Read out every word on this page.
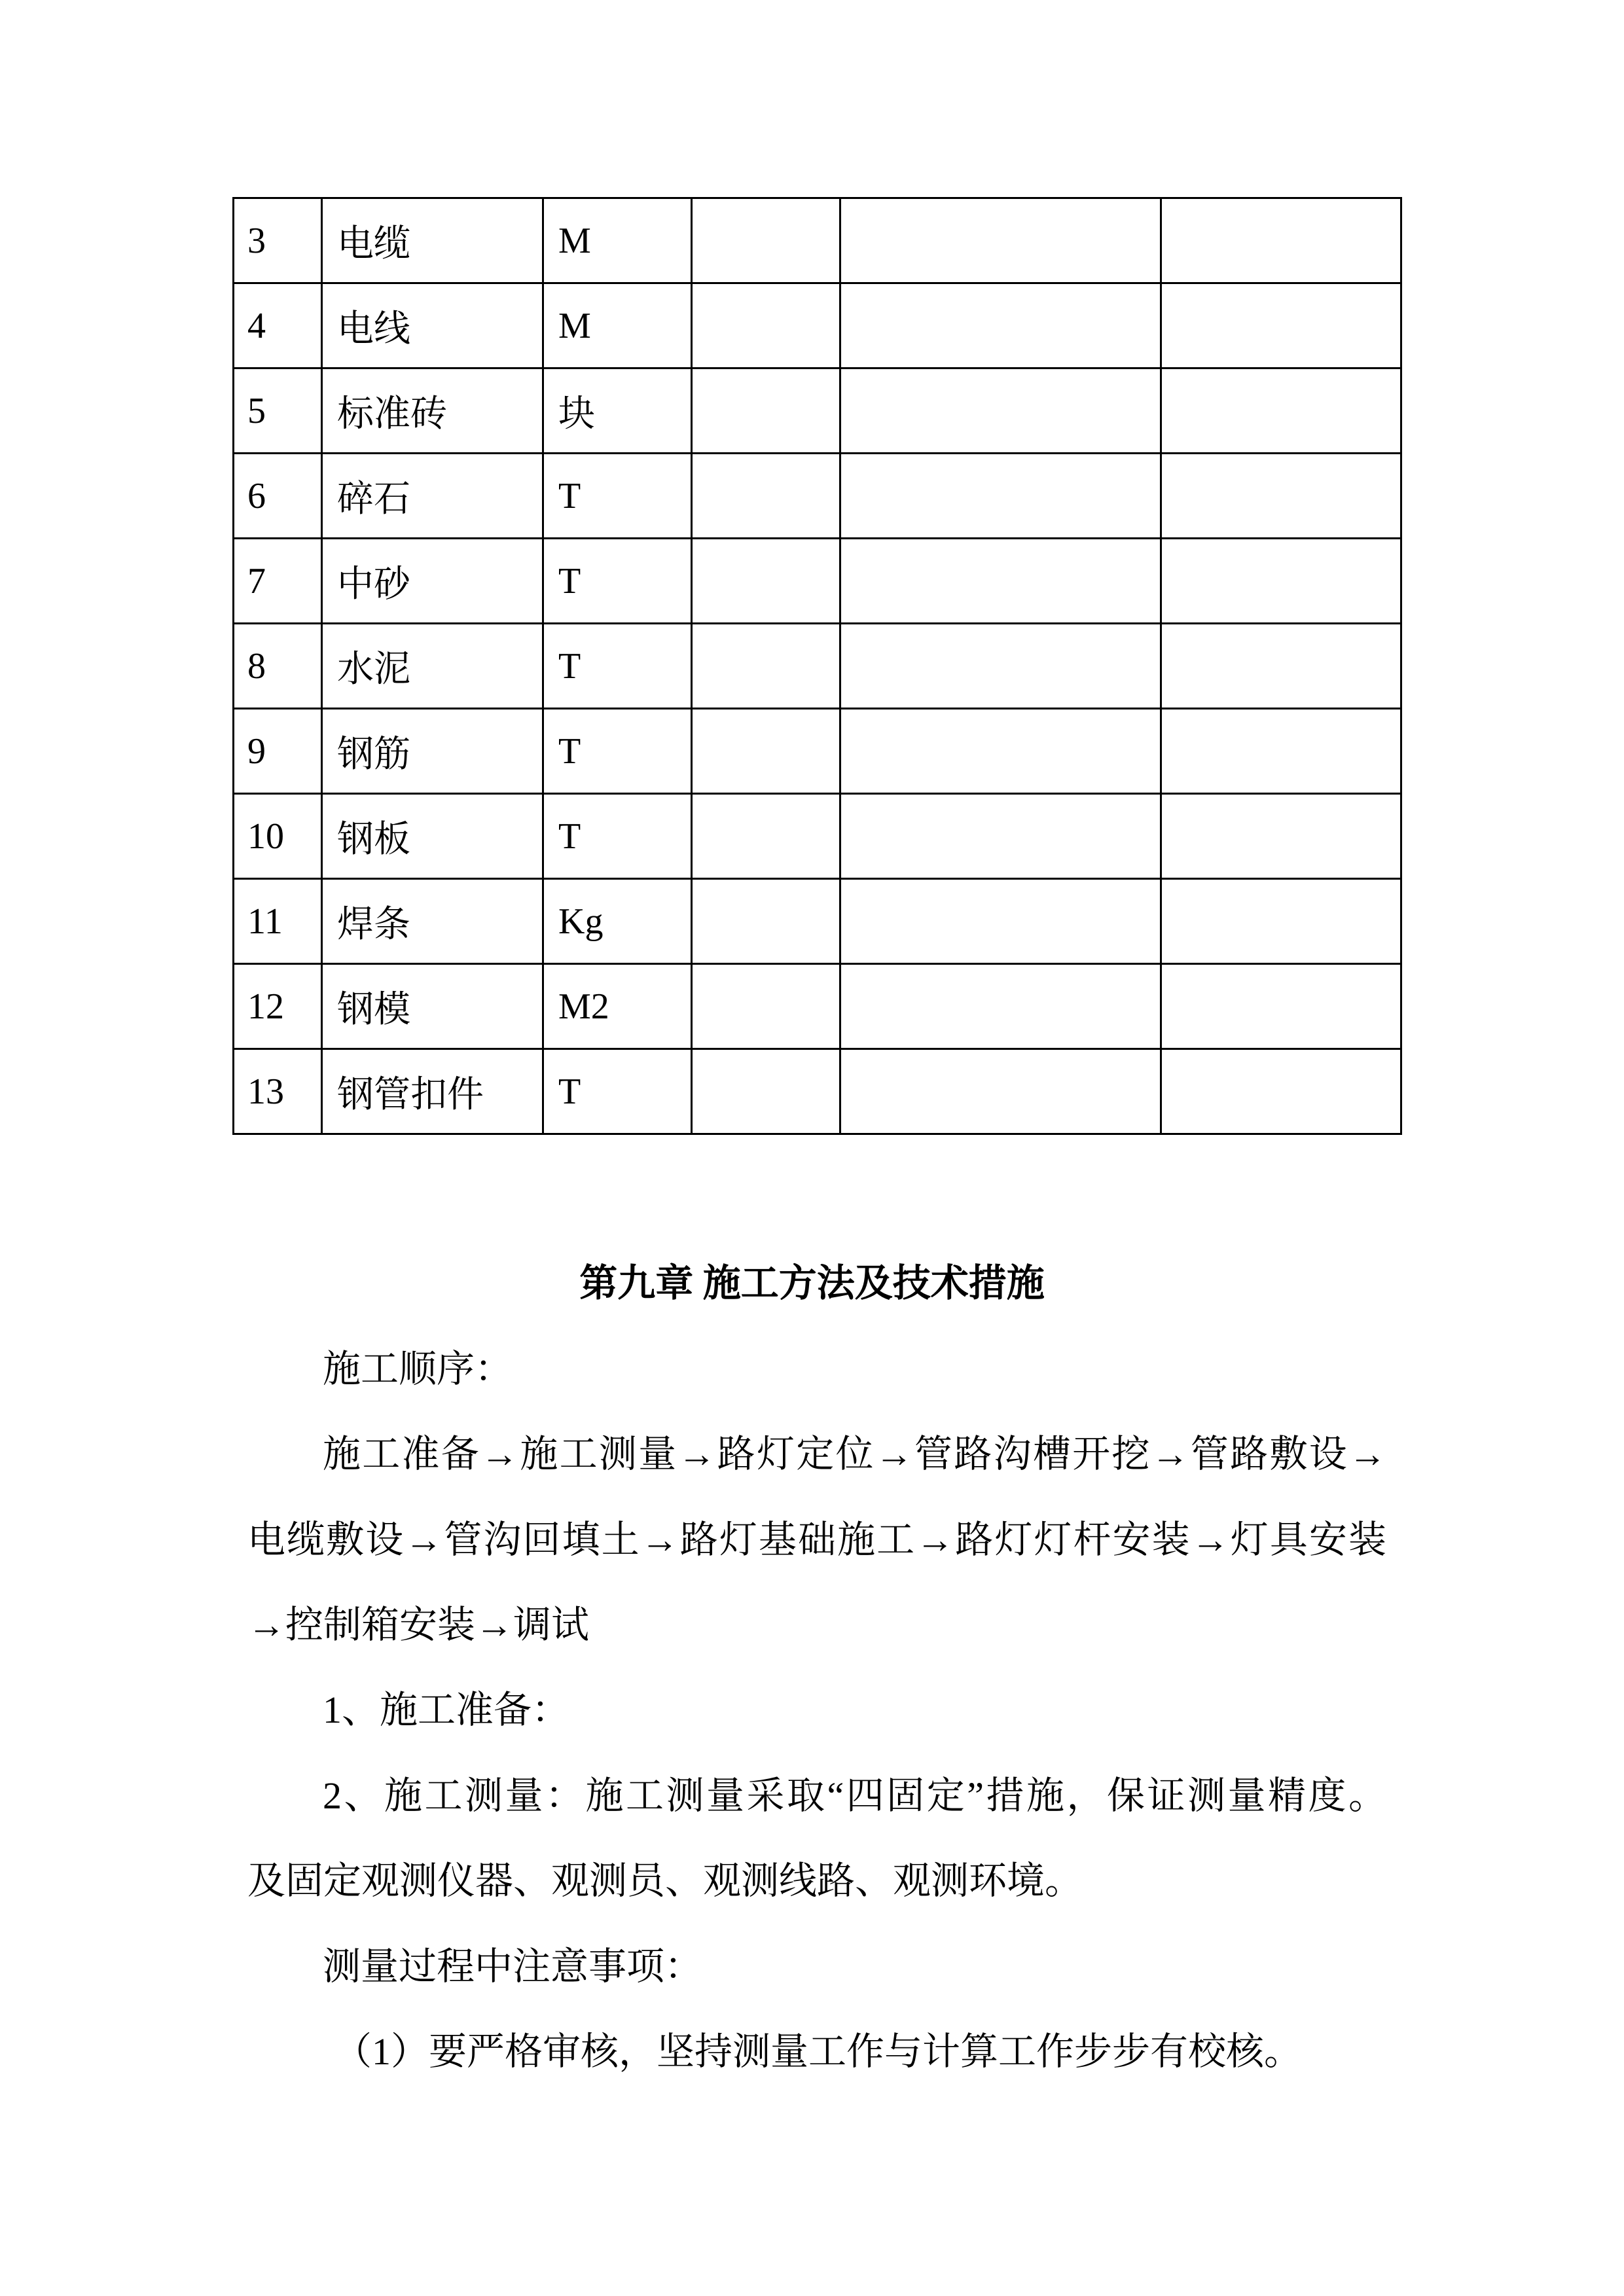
3	电缆	M			
4	电线	M			
5	标准砖	块			
6	碎石	T			
7	中砂	T			
8	水泥	T			
9	钢筋	T			
10	钢板	T			
11	焊条	Kg			
12	钢模	M2			
13	钢管扣件	T			
第九章 施工方法及技术措施
施工顺序：
施工准备→施工测量→路灯定位→管路沟槽开挖→管路敷设→
电缆敷设→管沟回填土→路灯基础施工→路灯灯杆安装→灯具安装
→控制箱安装→调试
1、施工准备：
2、施工测量：施工测量采取“四固定”措施，保证测量精度。
及固定观测仪器、观测员、观测线路、观测环境。
测量过程中注意事项：
（1）要严格审核，坚持测量工作与计算工作步步有校核。
